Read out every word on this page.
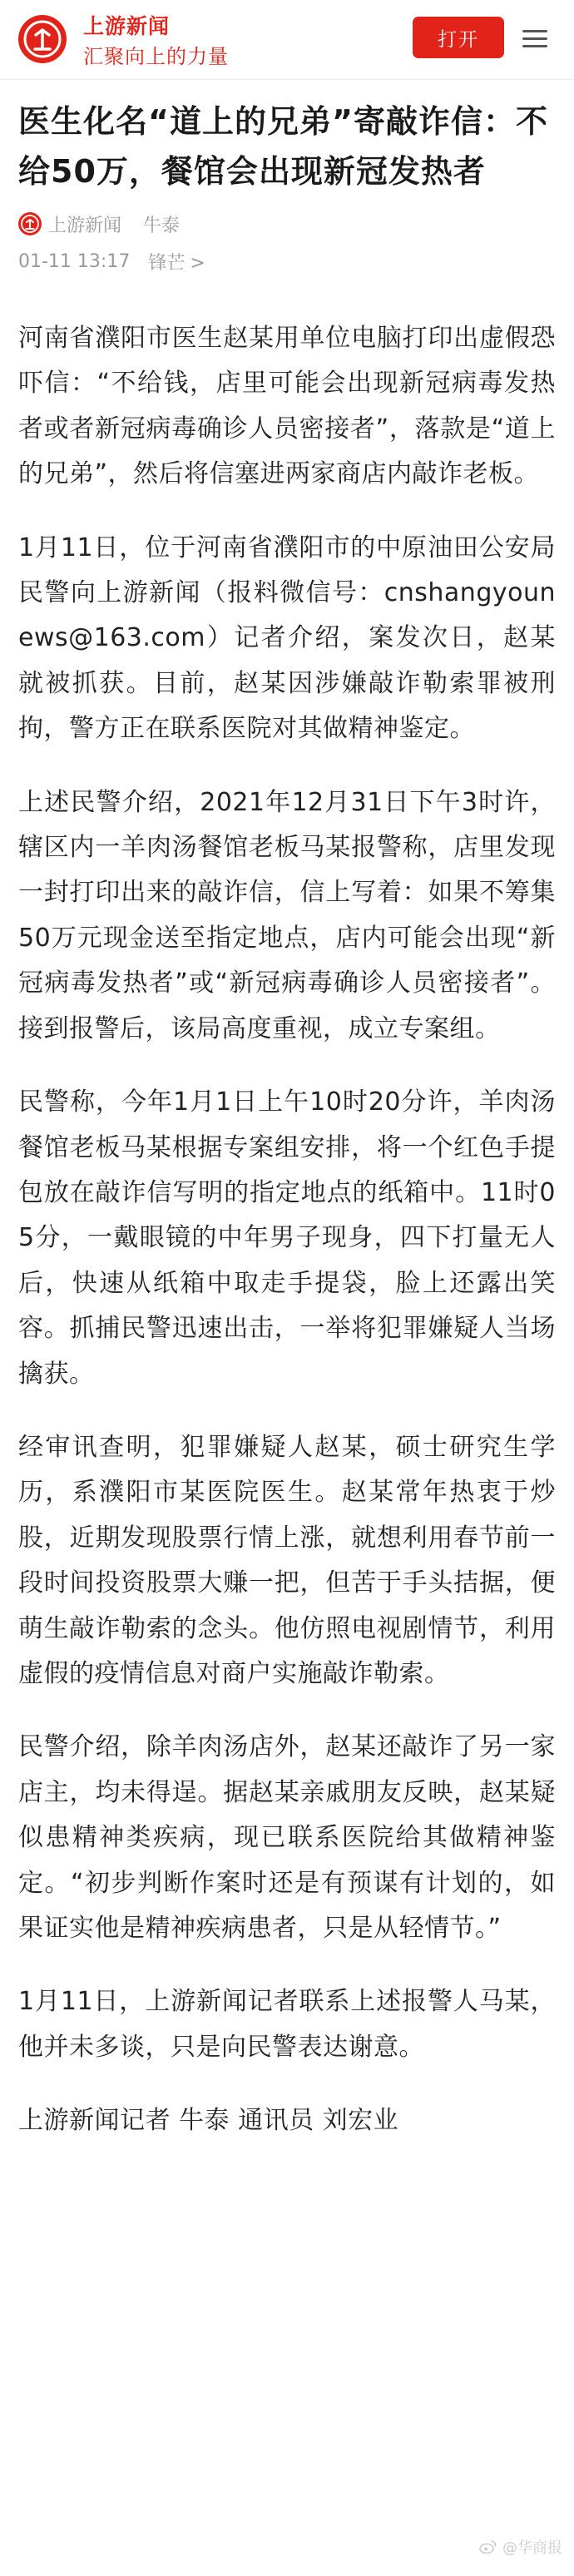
上游新闻
汇聚向上的力量
打开
医生化名“道上的兄弟”寄敲诈信：不给50万，餐馆会出现新冠发热者
上游新闻 牛泰
01-11 13:17 锋芒 >

河南省濮阳市医生赵某用单位电脑打印出虚假恐吓信：“不给钱，店里可能会出现新冠病毒发热者或者新冠病毒确诊人员密接者”，落款是“道上的兄弟”，然后将信塞进两家商店内敲诈老板。

1月11日，位于河南省濮阳市的中原油田公安局民警向上游新闻（报料微信号：cnshangyounews@163.com）记者介绍，案发次日，赵某就被抓获。目前，赵某因涉嫌敲诈勒索罪被刑拘，警方正在联系医院对其做精神鉴定。

上述民警介绍，2021年12月31日下午3时许，辖区内一羊肉汤餐馆老板马某报警称，店里发现一封打印出来的敲诈信，信上写着：如果不筹集50万元现金送至指定地点，店内可能会出现“新冠病毒发热者”或“新冠病毒确诊人员密接者”。接到报警后，该局高度重视，成立专案组。

民警称，今年1月1日上午10时20分许，羊肉汤餐馆老板马某根据专案组安排，将一个红色手提包放在敲诈信写明的指定地点的纸箱中。11时05分，一戴眼镜的中年男子现身，四下打量无人后，快速从纸箱中取走手提袋，脸上还露出笑容。抓捕民警迅速出击，一举将犯罪嫌疑人当场擒获。

经审讯查明，犯罪嫌疑人赵某，硕士研究生学历，系濮阳市某医院医生。赵某常年热衷于炒股，近期发现股票行情上涨，就想利用春节前一段时间投资股票大赚一把，但苦于手头拮据，便萌生敲诈勒索的念头。他仿照电视剧情节，利用虚假的疫情信息对商户实施敲诈勒索。

民警介绍，除羊肉汤店外，赵某还敲诈了另一家店主，均未得逞。据赵某亲戚朋友反映，赵某疑似患精神类疾病，现已联系医院给其做精神鉴定。“初步判断作案时还是有预谋有计划的，如果证实他是精神疾病患者，只是从轻情节。”

1月11日，上游新闻记者联系上述报警人马某，他并未多谈，只是向民警表达谢意。

上游新闻记者 牛泰 通讯员 刘宏业

@华商报
